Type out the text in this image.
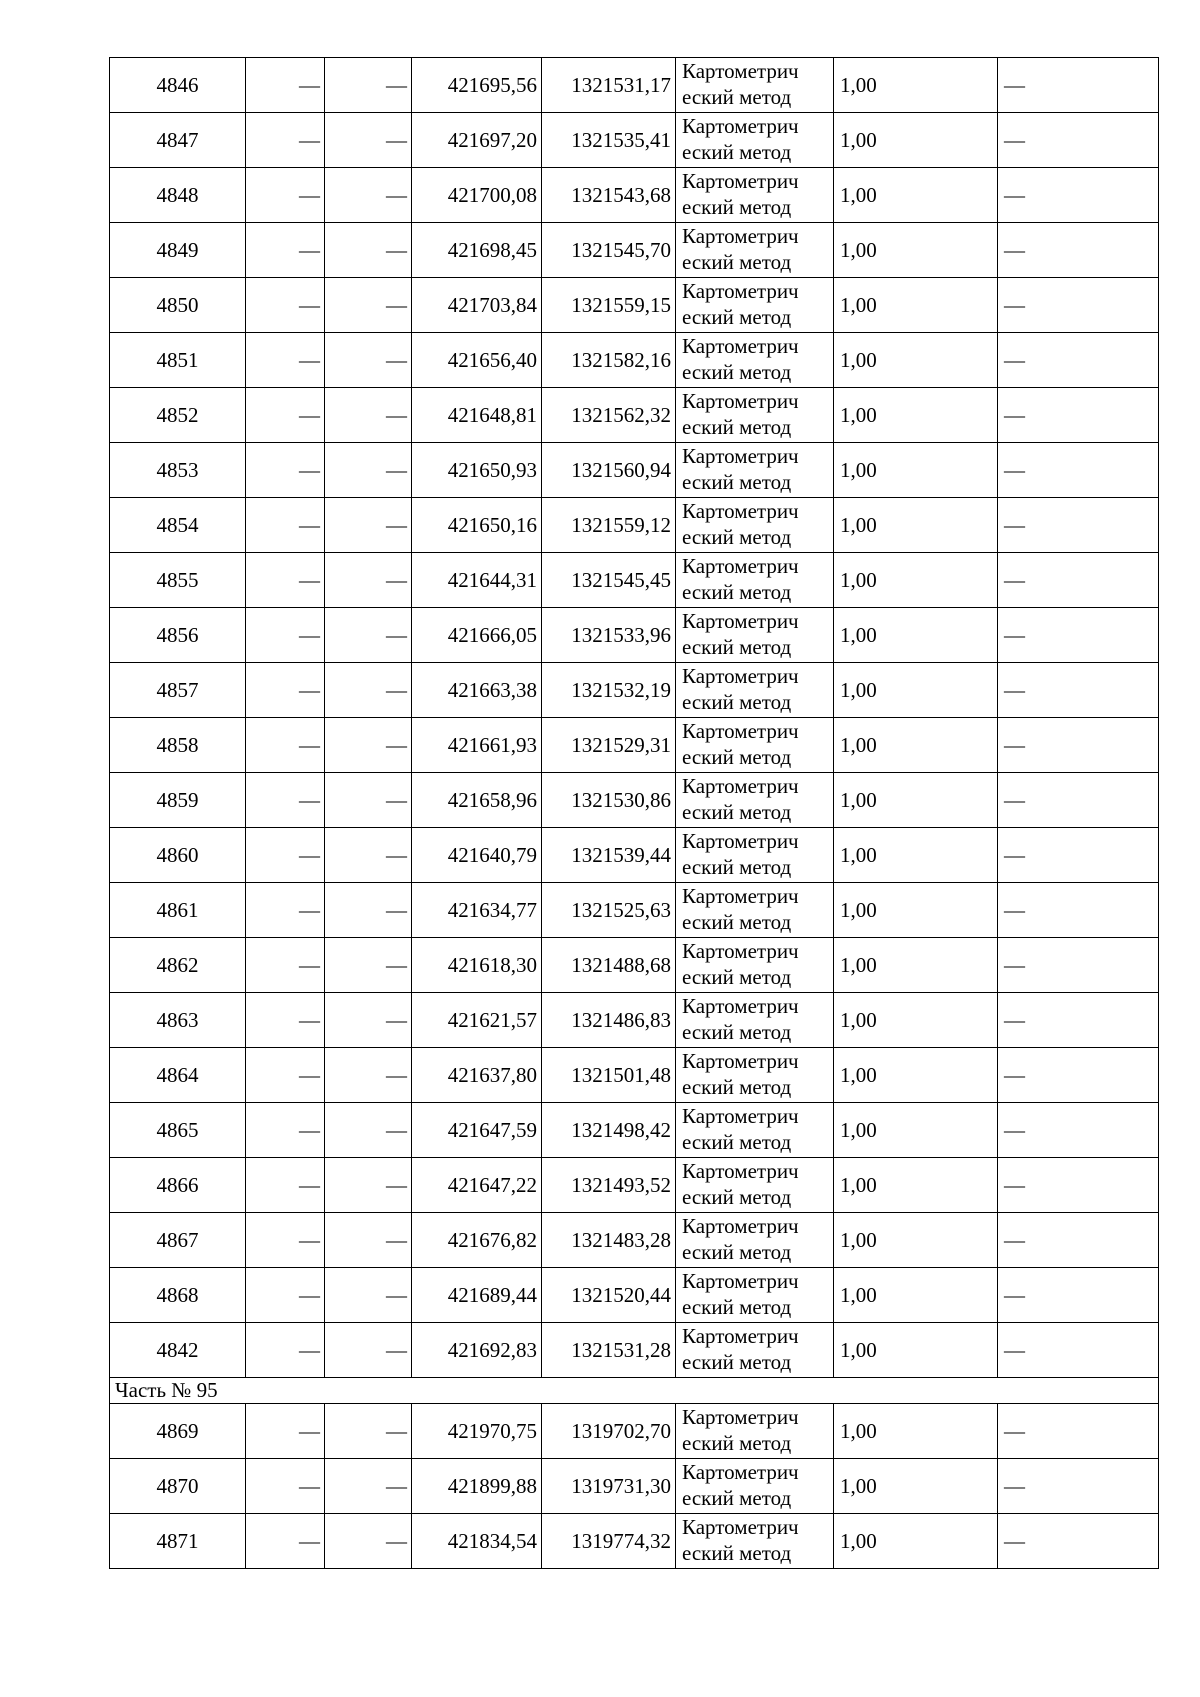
4846	—	—	421695,56	1321531,17	Картометрич
еский метод	1,00	—
4847	—	—	421697,20	1321535,41	Картометрич
еский метод	1,00	—
4848	—	—	421700,08	1321543,68	Картометрич
еский метод	1,00	—
4849	—	—	421698,45	1321545,70	Картометрич
еский метод	1,00	—
4850	—	—	421703,84	1321559,15	Картометрич
еский метод	1,00	—
4851	—	—	421656,40	1321582,16	Картометрич
еский метод	1,00	—
4852	—	—	421648,81	1321562,32	Картометрич
еский метод	1,00	—
4853	—	—	421650,93	1321560,94	Картометрич
еский метод	1,00	—
4854	—	—	421650,16	1321559,12	Картометрич
еский метод	1,00	—
4855	—	—	421644,31	1321545,45	Картометрич
еский метод	1,00	—
4856	—	—	421666,05	1321533,96	Картометрич
еский метод	1,00	—
4857	—	—	421663,38	1321532,19	Картометрич
еский метод	1,00	—
4858	—	—	421661,93	1321529,31	Картометрич
еский метод	1,00	—
4859	—	—	421658,96	1321530,86	Картометрич
еский метод	1,00	—
4860	—	—	421640,79	1321539,44	Картометрич
еский метод	1,00	—
4861	—	—	421634,77	1321525,63	Картометрич
еский метод	1,00	—
4862	—	—	421618,30	1321488,68	Картометрич
еский метод	1,00	—
4863	—	—	421621,57	1321486,83	Картометрич
еский метод	1,00	—
4864	—	—	421637,80	1321501,48	Картометрич
еский метод	1,00	—
4865	—	—	421647,59	1321498,42	Картометрич
еский метод	1,00	—
4866	—	—	421647,22	1321493,52	Картометрич
еский метод	1,00	—
4867	—	—	421676,82	1321483,28	Картометрич
еский метод	1,00	—
4868	—	—	421689,44	1321520,44	Картометрич
еский метод	1,00	—
4842	—	—	421692,83	1321531,28	Картометрич
еский метод	1,00	—
Часть № 95							
4869	—	—	421970,75	1319702,70	Картометрич
еский метод	1,00	—
4870	—	—	421899,88	1319731,30	Картометрич
еский метод	1,00	—
4871	—	—	421834,54	1319774,32	Картометрич
еский метод	1,00	—
